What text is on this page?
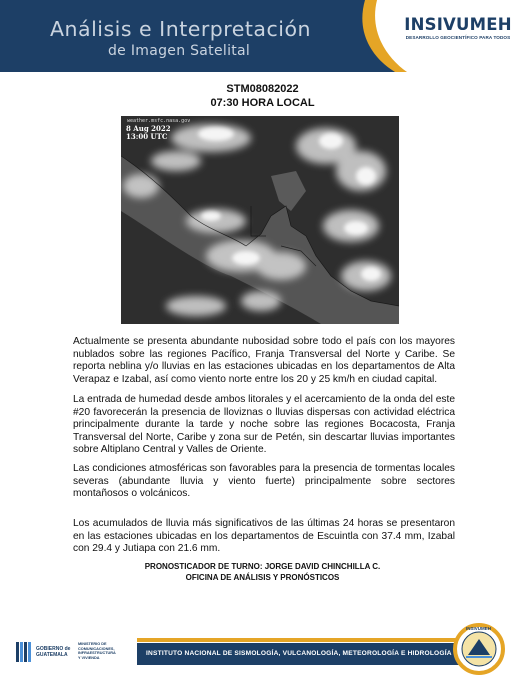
Análisis e Interpretación
de Imagen Satelital
INSIVUMEH
DESARROLLO GEOCIENTÍFICO PARA TODOS
STM08082022
07:30 HORA LOCAL
weather.msfc.nasa.gov
8 Aug 2022
13:00 UTC

Actualmente se presenta abundante nubosidad sobre todo el país con los mayores nublados sobre las regiones Pacífico, Franja Transversal del Norte y Caribe. Se reporta neblina y/o lluvias en las estaciones ubicadas en los departamentos de Alta Verapaz e Izabal, así como viento norte entre los 20 y 25 km/h en ciudad capital.

La entrada de humedad desde ambos litorales y el acercamiento de la onda del este #20 favorecerán la presencia de lloviznas o lluvias dispersas con actividad eléctrica principalmente durante la tarde y noche sobre las regiones Bocacosta, Franja Transversal del Norte, Caribe y zona sur de Petén, sin descartar lluvias importantes sobre Altiplano Central y Valles de Oriente.

Las condiciones atmosféricas son favorables para la presencia de tormentas locales severas (abundante lluvia y viento fuerte) principalmente sobre sectores montañosos o volcánicos.

Los acumulados de lluvia más significativos de las últimas 24 horas se presentaron en las estaciones ubicadas en los departamentos de Escuintla con 37.4 mm, Izabal con 29.4 y Jutiapa con 21.6 mm.

PRONOSTICADOR DE TURNO: JORGE DAVID CHINCHILLA C.
OFICINA DE ANÁLISIS Y PRONÓSTICOS
GOBIERNO de
GUATEMALA
MINISTERIO DE
COMUNICACIONES,
INFRAESTRUCTURA
Y VIVIENDA
INSTITUTO NACIONAL DE SISMOLOGÍA, VULCANOLOGÍA, METEOROLOGÍA E HIDROLOGÍA
INSIVUMEH
